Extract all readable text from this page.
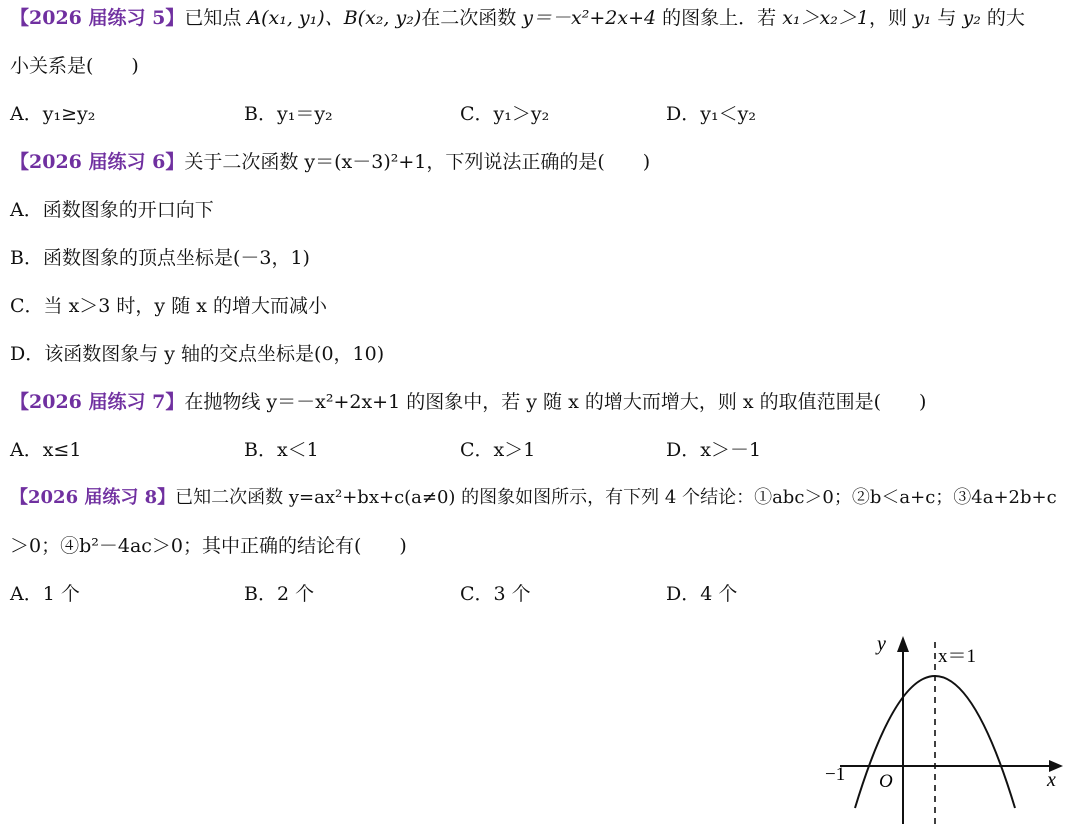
【2026 届练习 5】已知点 A(x₁, y₁)、B(x₂, y₂)在二次函数 y＝－x²+2x+4 的图象上．若 x₁＞x₂＞1，则 y₁ 与 y₂ 的大
小关系是(　　)
A．y₁≥y₂	B．y₁＝y₂	C．y₁＞y₂	D．y₁＜y₂
【2026 届练习 6】关于二次函数 y＝(x－3)²+1，下列说法正确的是(　　)
A．函数图象的开口向下
B．函数图象的顶点坐标是(－3，1)
C．当 x＞3 时，y 随 x 的增大而减小
D．该函数图象与 y 轴的交点坐标是(0，10)
【2026 届练习 7】在抛物线 y＝－x²+2x+1 的图象中，若 y 随 x 的增大而增大，则 x 的取值范围是(　　)
A．x≤1	B．x＜1	C．x＞1	D．x＞－1
【2026 届练习 8】已知二次函数 y=ax²+bx+c(a≠0) 的图象如图所示，有下列 4 个结论：①abc＞0；②b＜a+c；③4a+2b+c
＞0；④b²－4ac＞0；其中正确的结论有(　　)
A．1 个	B．2 个	C．3 个	D．4 个
y
x
O
−1
x＝1
